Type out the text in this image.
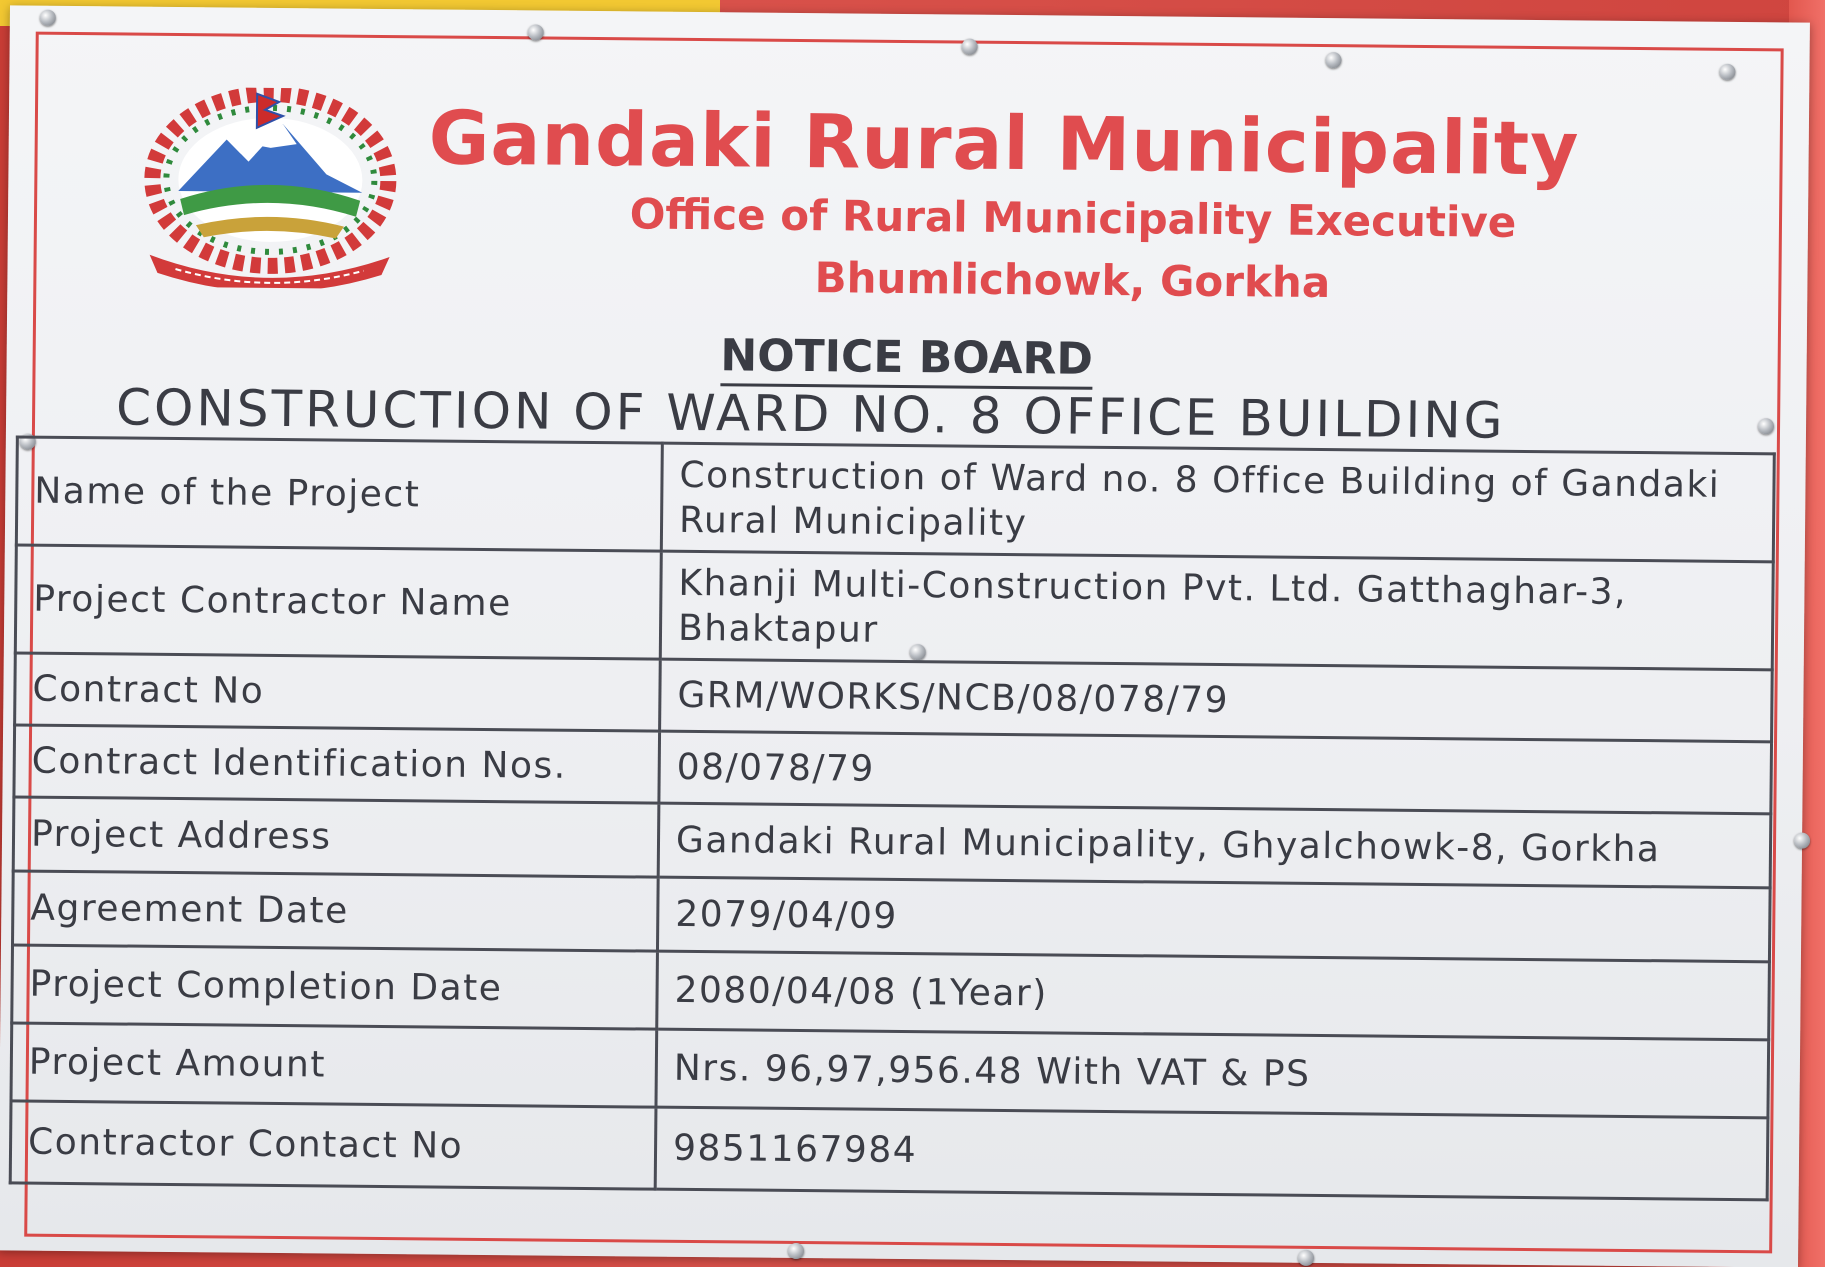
Gandaki Rural Municipality
Office of Rural Municipality Executive
Bhumlichowk, Gorkha
NOTICE BOARD
CONSTRUCTION OF WARD NO. 8 OFFICE BUILDING
Name of the Project	Construction of Ward no. 8 Office Building of Gandaki Rural Municipality
Project Contractor Name	Khanji Multi-Construction Pvt. Ltd. Gatthaghar-3, Bhaktapur
Contract No	GRM/WORKS/NCB/08/078/79
Contract Identification Nos.	08/078/79
Project Address	Gandaki Rural Municipality, Ghyalchowk-8, Gorkha
Agreement Date	2079/04/09
Project Completion Date	2080/04/08 (1Year)
Project Amount	Nrs. 96,97,956.48 With VAT & PS
Contractor Contact No	9851167984
